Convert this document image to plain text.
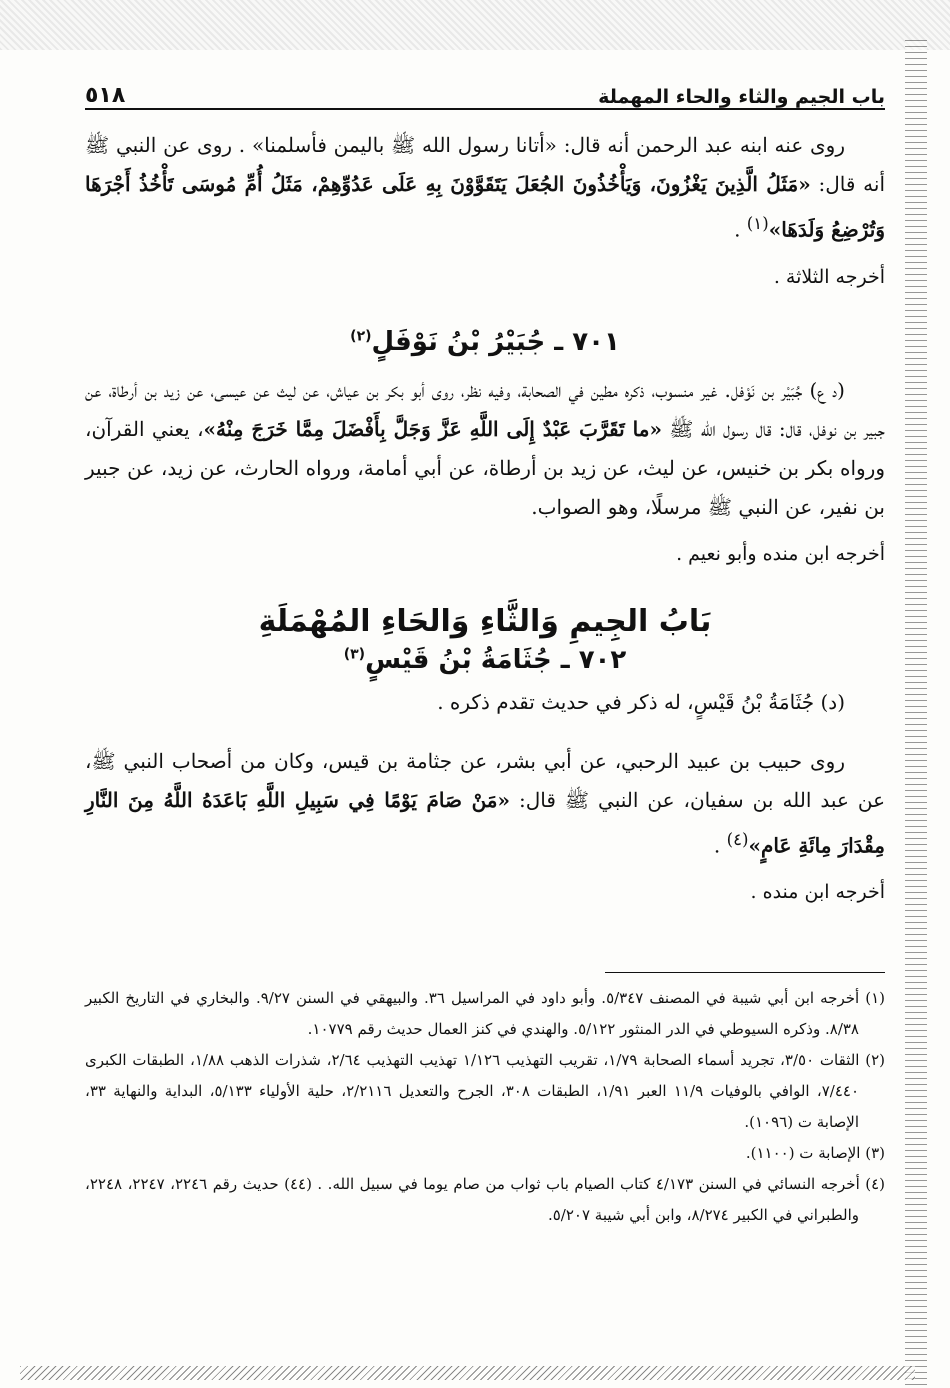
باب الجيم والثاء والحاء المهملة
٥١٨

روى عنه ابنه عبد الرحمن أنه قال: «أتانا رسول الله ﷺ باليمن فأسلمنا» . روى عن النبي ﷺ أنه قال: «مَثَلُ الَّذِينَ يَغْزُونَ، وَيَأْخُذُونَ الجُعَلَ يَتَقَوَّوْنَ بِهِ عَلَى عَدُوِّهِمْ، مَثَلُ أُمِّ مُوسَى تَأْخُذُ أَجْرَهَا وَتُرْضِعُ وَلَدَهَا»$^{(١)}$ .

أخرجه الثلاثة .

٧٠١ ـ جُبَيْرُ بْنُ نَوْفَلٍ$^{(٢)}$

(د ع) جُبَيْر بن نَوْفل. غير منسوب، ذكره مطين في الصحابة، وفيه نظر، روى أبو بكر بن عياش، عن ليث عن عيسى، عن زيد بن أرطاة، عن جبير بن نوفل، قال: قال رسول الله ﷺ «ما تَقَرَّبَ عَبْدٌ إِلَى اللَّهِ عَزَّ وَجَلَّ بِأَفْضَلَ مِمَّا خَرَجَ مِنْهُ»، يعني القرآن، ورواه بكر بن خنيس، عن ليث، عن زيد بن أرطاة، عن أبي أمامة، ورواه الحارث، عن زيد، عن جبير بن نفير، عن النبي ﷺ مرسلًا، وهو الصواب.

أخرجه ابن منده وأبو نعيم .

بَابُ الجِيمِ وَالثَّاءِ وَالحَاءِ المُهْمَلَةِ
٧٠٢ ـ جُثَامَةُ بْنُ قَيْسٍ$^{(٣)}$

(د) جُثَامَةُ بْنُ قَيْسٍ، له ذكر في حديث تقدم ذكره .

روى حبيب بن عبيد الرحبي، عن أبي بشر، عن جثامة بن قيس، وكان من أصحاب النبي ﷺ، عن عبد الله بن سفيان، عن النبي ﷺ قال: «مَنْ صَامَ يَوْمًا فِي سَبِيلِ اللَّهِ بَاعَدَهُ اللَّهُ مِنَ النَّارِ مِقْدَارَ مِائَةِ عَامٍ»$^{(٤)}$ .

أخرجه ابن منده .

(١) أخرجه ابن أبي شيبة في المصنف ٥/٣٤٧. وأبو داود في المراسيل ٣٦. والبيهقي في السنن ٩/٢٧. والبخاري في التاريخ الكبير ٨/٣٨. وذكره السيوطي في الدر المنثور ٥/١٢٢. والهندي في كنز العمال حديث رقم ١٠٧٧٩.

(٢) الثقات ٣/٥٠، تجريد أسماء الصحابة ١/٧٩، تقريب التهذيب ١/١٢٦ تهذيب التهذيب ٢/٦٤، شذرات الذهب ١/٨٨، الطبقات الكبرى ٧/٤٤٠، الوافي بالوفيات ١١/٩ العبر ١/٩١، الطبقات ٣٠٨، الجرح والتعديل ٢/٢١١٦، حلية الأولياء ٥/١٣٣، البداية والنهاية ٣٣، الإصابة ت (١٠٩٦).

(٣) الإصابة ت (١١٠٠).

(٤) أخرجه النسائي في السنن ٤/١٧٣ كتاب الصيام باب ثواب من صام يوما في سبيل الله. . (٤٤) حديث رقم ٢٢٤٦، ٢٢٤٧، ٢٢٤٨، والطبراني في الكبير ٨/٢٧٤، وابن أبي شيبة ٥/٢٠٧.
